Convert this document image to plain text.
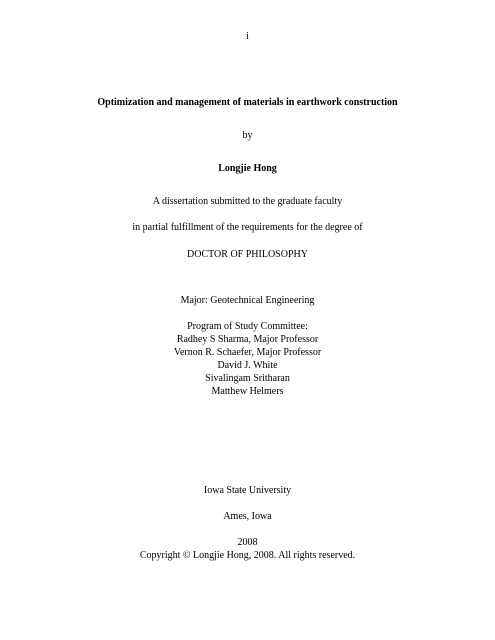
i
Optimization and management of materials in earthwork construction
by
Longjie Hong
A dissertation submitted to the graduate faculty
in partial fulfillment of the requirements for the degree of
DOCTOR OF PHILOSOPHY
Major: Geotechnical Engineering
Program of Study Committee:
Radhey S Sharma, Major Professor
Vernon R. Schaefer, Major Professor
David J. White
Sivalingam Sritharan
Matthew Helmers
Iowa State University
Ames, Iowa
2008
Copyright © Longjie Hong, 2008. All rights reserved.
